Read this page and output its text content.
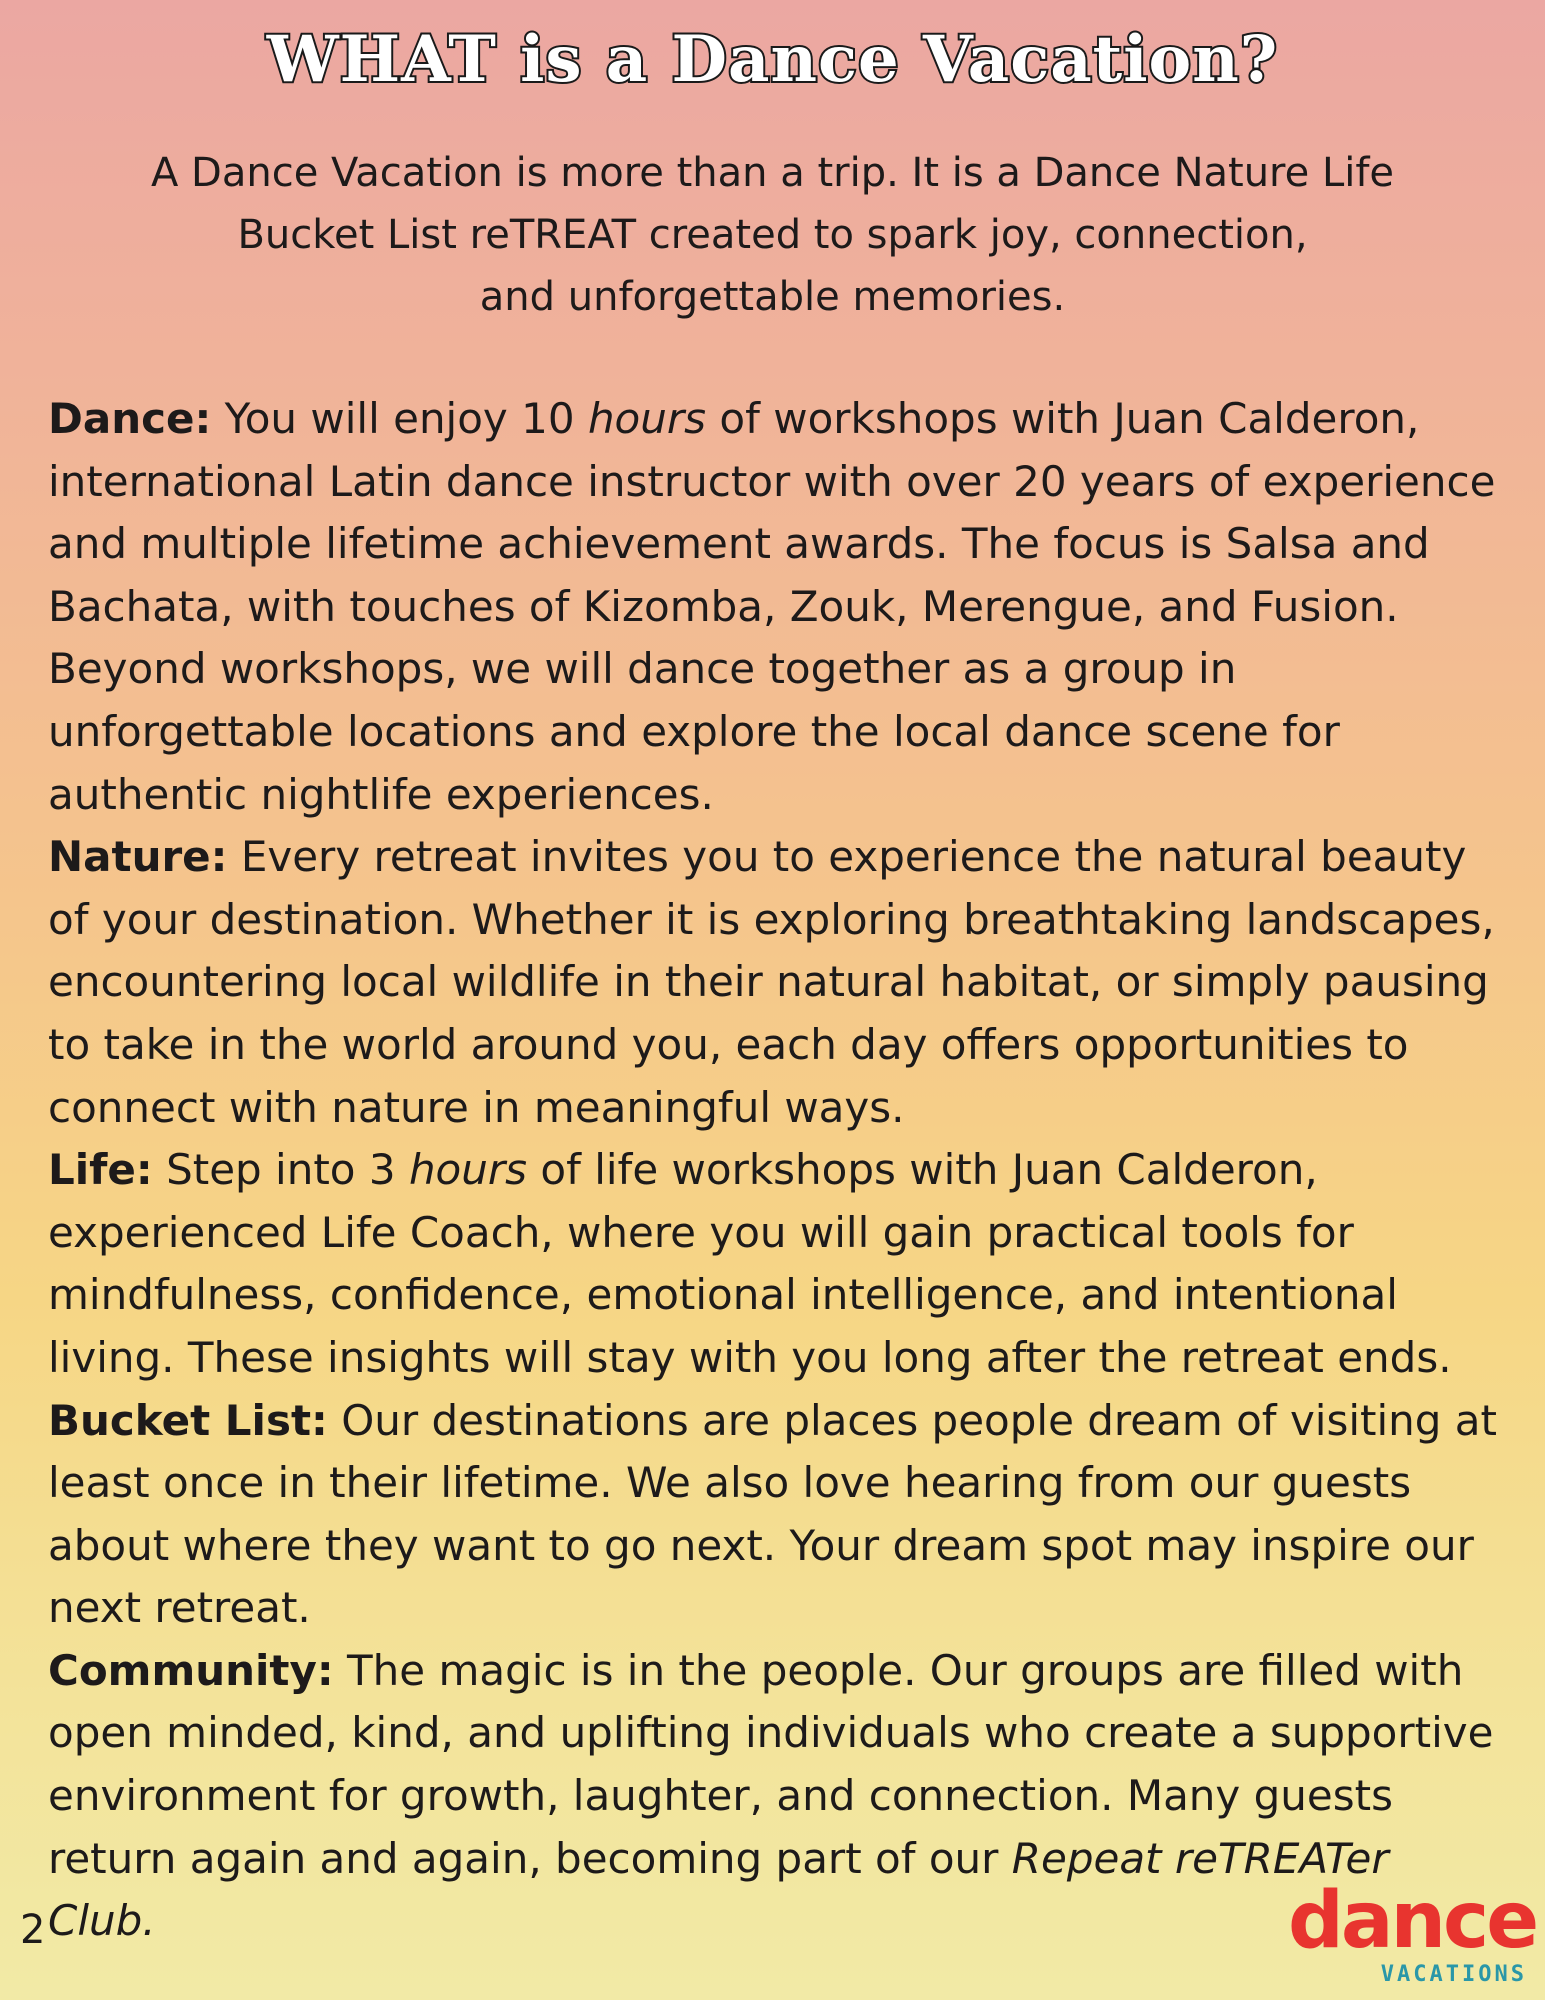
WHAT is a Dance Vacation?

A Dance Vacation is more than a trip. It is a Dance Nature Life
Bucket List reTREAT created to spark joy, connection,
and unforgettable memories.

Dance: You will enjoy 10 hours of workshops with Juan Calderon, international Latin dance instructor with over 20 years of experience and multiple lifetime achievement awards. The focus is Salsa and Bachata, with touches of Kizomba, Zouk, Merengue, and Fusion. Beyond workshops, we will dance together as a group in unforgettable locations and explore the local dance scene for authentic nightlife experiences.

Nature: Every retreat invites you to experience the natural beauty of your destination. Whether it is exploring breathtaking landscapes, encountering local wildlife in their natural habitat, or simply pausing to take in the world around you, each day offers opportunities to connect with nature in meaningful ways.

Life: Step into 3 hours of life workshops with Juan Calderon, experienced Life Coach, where you will gain practical tools for mindfulness, confidence, emotional intelligence, and intentional living. These insights will stay with you long after the retreat ends.

Bucket List: Our destinations are places people dream of visiting at least once in their lifetime. We also love hearing from our guests about where they want to go next. Your dream spot may inspire our next retreat.

Community: The magic is in the people. Our groups are filled with open minded, kind, and uplifting individuals who create a supportive environment for growth, laughter, and connection. Many guests return again and again, becoming part of our Repeat reTREATer Club.

2	dance
VACATIONS
